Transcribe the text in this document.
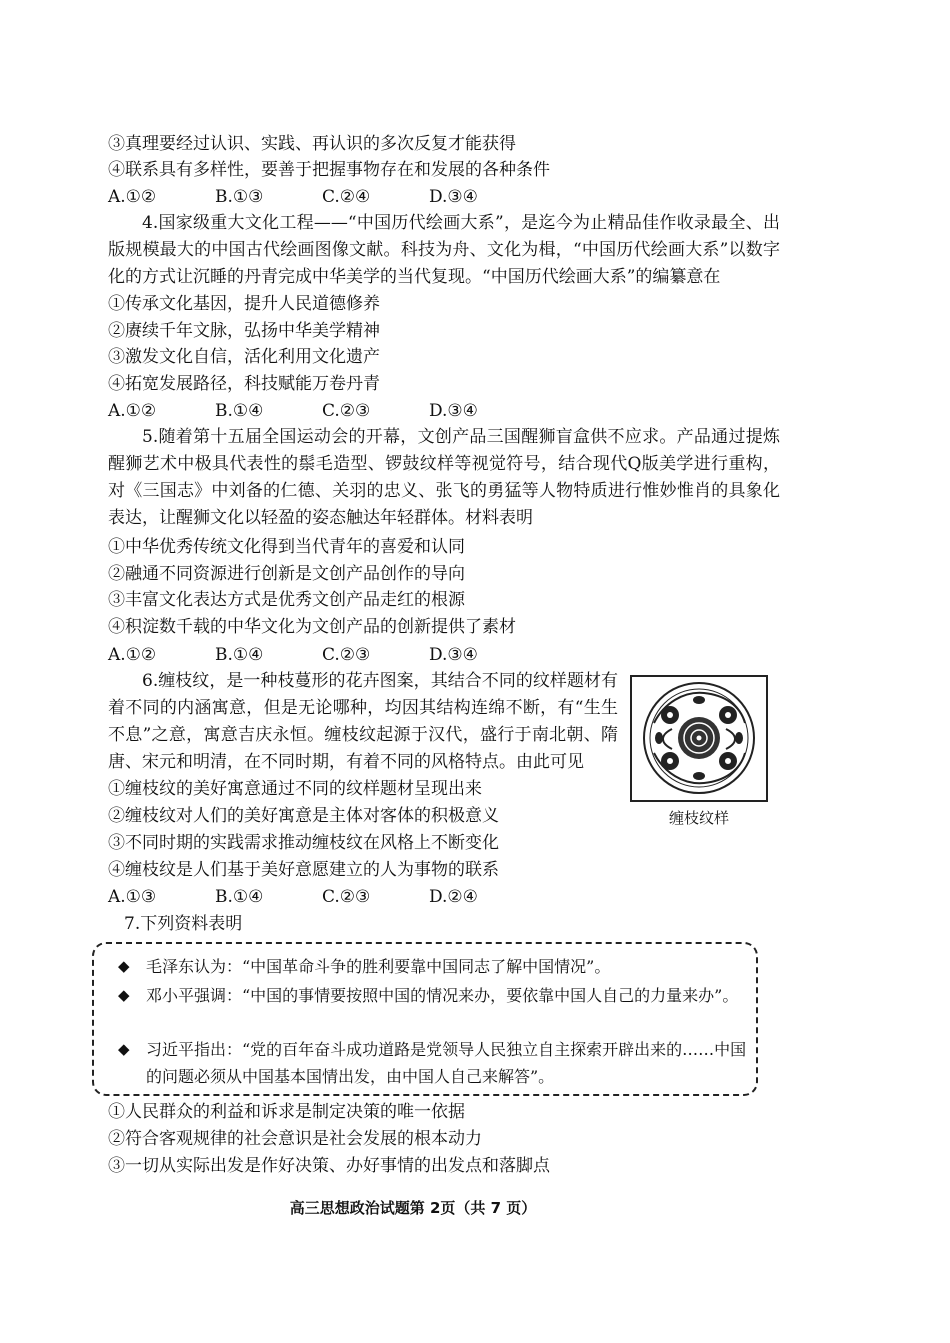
③真理要经过认识、实践、再认识的多次反复才能获得
④联系具有多样性，要善于把握事物存在和发展的各种条件
A.①②	B.①③	C.②④	D.③④
4.国家级重大文化工程——“中国历代绘画大系”，是迄今为止精品佳作收录最全、出版规模最大的中国古代绘画图像文献。科技为舟、文化为楫，“中国历代绘画大系”以数字化的方式让沉睡的丹青完成中华美学的当代复现。“中国历代绘画大系”的编纂意在
①传承文化基因，提升人民道德修养
②赓续千年文脉，弘扬中华美学精神
③激发文化自信，活化利用文化遗产
④拓宽发展路径，科技赋能万卷丹青
A.①②	B.①④	C.②③	D.③④
5.随着第十五届全国运动会的开幕，文创产品三国醒狮盲盒供不应求。产品通过提炼醒狮艺术中极具代表性的鬃毛造型、锣鼓纹样等视觉符号，结合现代Q版美学进行重构，对《三国志》中刘备的仁德、关羽的忠义、张飞的勇猛等人物特质进行惟妙惟肖的具象化表达，让醒狮文化以轻盈的姿态触达年轻群体。材料表明
①中华优秀传统文化得到当代青年的喜爱和认同
②融通不同资源进行创新是文创产品创作的导向
③丰富文化表达方式是优秀文创产品走红的根源
④积淀数千载的中华文化为文创产品的创新提供了素材
A.①②	B.①④	C.②③	D.③④
6.缠枝纹，是一种枝蔓形的花卉图案，其结合不同的纹样题材有着不同的内涵寓意，但是无论哪种，均因其结构连绵不断，有“生生不息”之意，寓意吉庆永恒。缠枝纹起源于汉代，盛行于南北朝、隋唐、宋元和明清，在不同时期，有着不同的风格特点。由此可见
缠枝纹样
①缠枝纹的美好寓意通过不同的纹样题材呈现出来
②缠枝纹对人们的美好寓意是主体对客体的积极意义
③不同时期的实践需求推动缠枝纹在风格上不断变化
④缠枝纹是人们基于美好意愿建立的人为事物的联系
A.①③	B.①④	C.②③	D.②④
7.下列资料表明
◆ 毛泽东认为：“中国革命斗争的胜利要靠中国同志了解中国情况”。
◆ 邓小平强调：“中国的事情要按照中国的情况来办，要依靠中国人自己的力量来办”。
◆ 习近平指出：“党的百年奋斗成功道路是党领导人民独立自主探索开辟出来的……中国的问题必须从中国基本国情出发，由中国人自己来解答”。
①人民群众的利益和诉求是制定决策的唯一依据
②符合客观规律的社会意识是社会发展的根本动力
③一切从实际出发是作好决策、办好事情的出发点和落脚点
高三思想政治试题第 2页（共 7 页）
